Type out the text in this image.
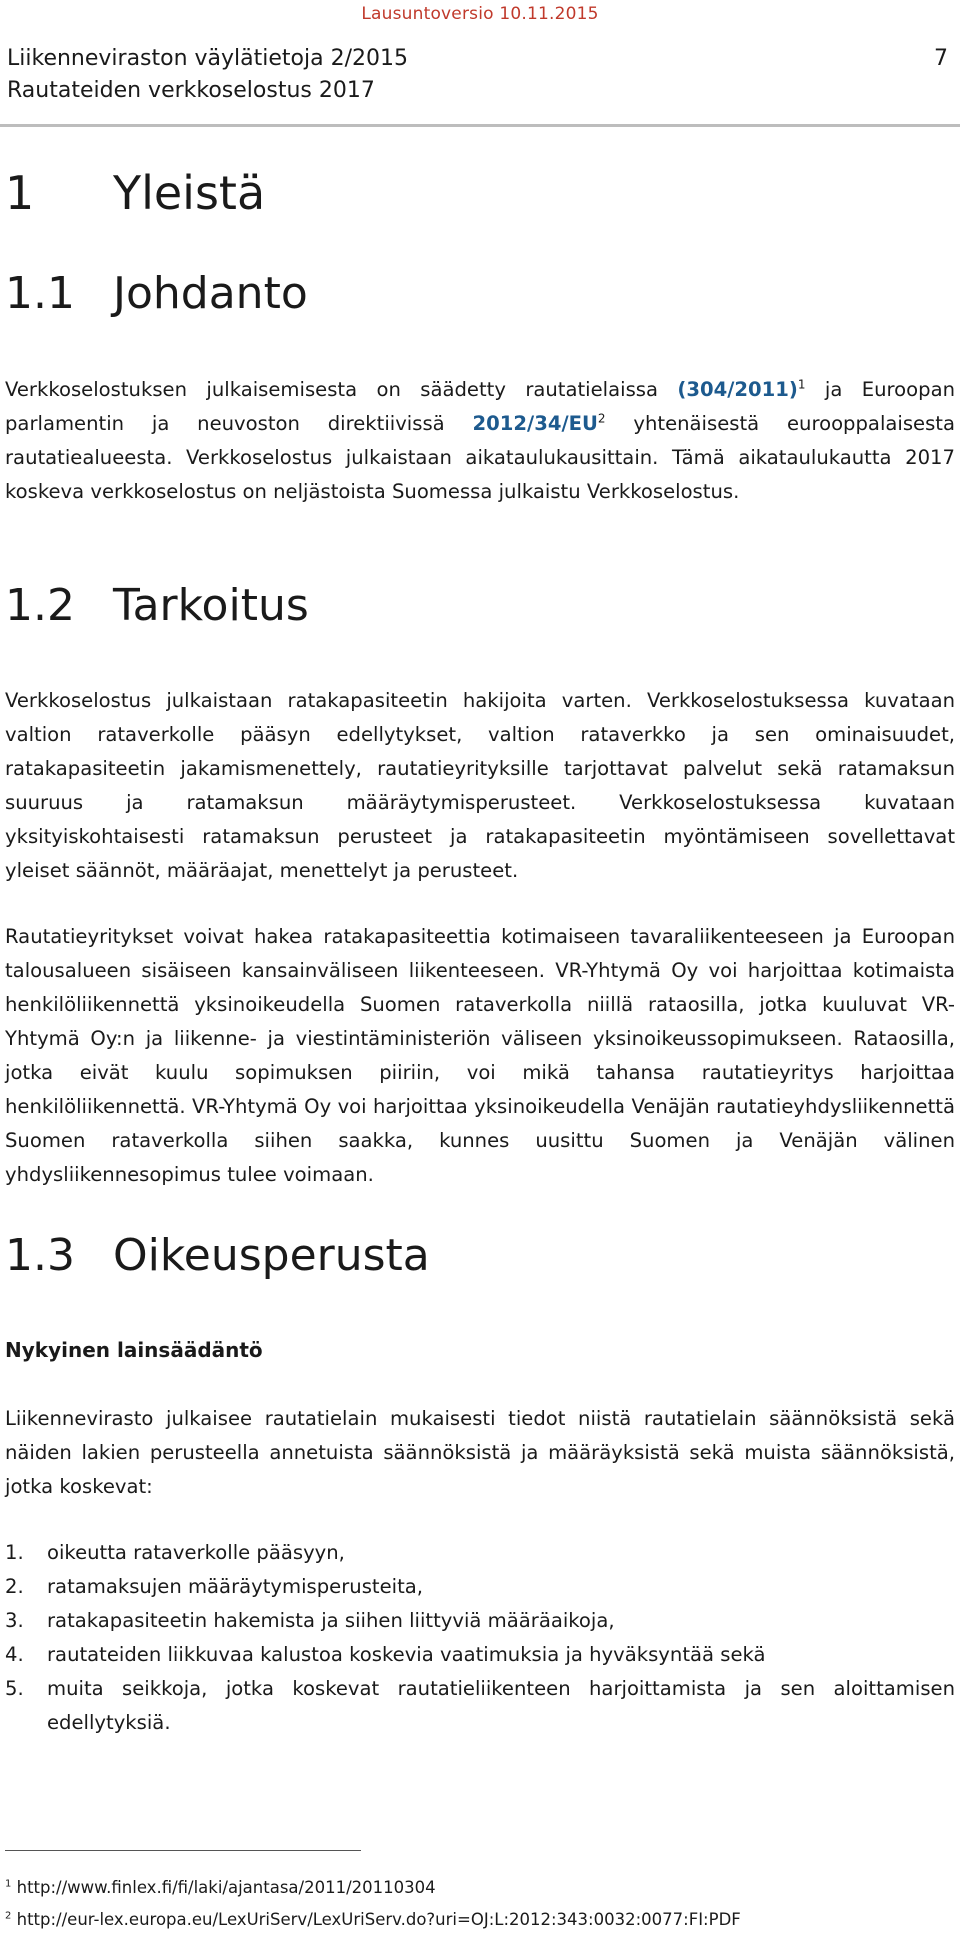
Lausuntoversio 10.11.2015
Liikenneviraston väylätietoja 2/2015
Rautateiden verkkoselostus 2017
7
1 Yleistä
1.1 Johdanto

Verkkoselostuksen julkaisemisesta on säädetty rautatielaissa $(304/2011)^1$ ja Euroopan parlamentin ja neuvoston direktiivissä $2012/34/EU^2$ yhtenäisestä eurooppalaisesta rautatiealueesta. Verkkoselostus julkaistaan aikataulukausittain. Tämä aikataulukautta 2017 koskeva verkkoselostus on neljästoista Suomessa julkaistu Verkkoselostus.

1.2 Tarkoitus

Verkkoselostus julkaistaan ratakapasiteetin hakijoita varten. Verkkoselostuksessa kuvataan valtion rataverkolle pääsyn edellytykset, valtion rataverkko ja sen ominaisuudet, ratakapasiteetin jakamismenettely, rautatieyrityksille tarjottavat palvelut sekä ratamaksun suuruus ja ratamaksun määräytymisperusteet. Verkkoselostuksessa kuvataan yksityiskohtaisesti ratamaksun perusteet ja ratakapasiteetin myöntämiseen sovellettavat yleiset säännöt, määräajat, menettelyt ja perusteet.

Rautatieyritykset voivat hakea ratakapasiteettia kotimaiseen tavaraliikenteeseen ja Euroopan talousalueen sisäiseen kansainväliseen liikenteeseen. VR-Yhtymä Oy voi harjoittaa kotimaista henkilöliikennettä yksinoikeudella Suomen rataverkolla niillä rataosilla, jotka kuuluvat VR-Yhtymä Oy:n ja liikenne- ja viestintäministeriön väliseen yksinoikeussopimukseen. Rataosilla, jotka eivät kuulu sopimuksen piiriin, voi mikä tahansa rautatieyritys harjoittaa henkilöliikennettä. VR-Yhtymä Oy voi harjoittaa yksinoikeudella Venäjän rautatieyhdysliikennettä Suomen rataverkolla siihen saakka, kunnes uusittu Suomen ja Venäjän välinen yhdysliikennesopimus tulee voimaan.

1.3 Oikeusperusta
Nykyinen lainsäädäntö

Liikennevirasto julkaisee rautatielain mukaisesti tiedot niistä rautatielain säännöksistä sekä näiden lakien perusteella annetuista säännöksistä ja määräyksistä sekä muista säännöksistä, jotka koskevat:

1. oikeutta rataverkolle pääsyyn,
2. ratamaksujen määräytymisperusteita,
3. ratakapasiteetin hakemista ja siihen liittyviä määräaikoja,
4. rautateiden liikkuvaa kalustoa koskevia vaatimuksia ja hyväksyntää sekä
5. muita seikkoja, jotka koskevat rautatieliikenteen harjoittamista ja sen aloittamisen edellytyksiä.
$^1$ http://www.finlex.fi/fi/laki/ajantasa/2011/20110304
$^2$ http://eur-lex.europa.eu/LexUriServ/LexUriServ.do?uri=OJ:L:2012:343:0032:0077:FI:PDF
